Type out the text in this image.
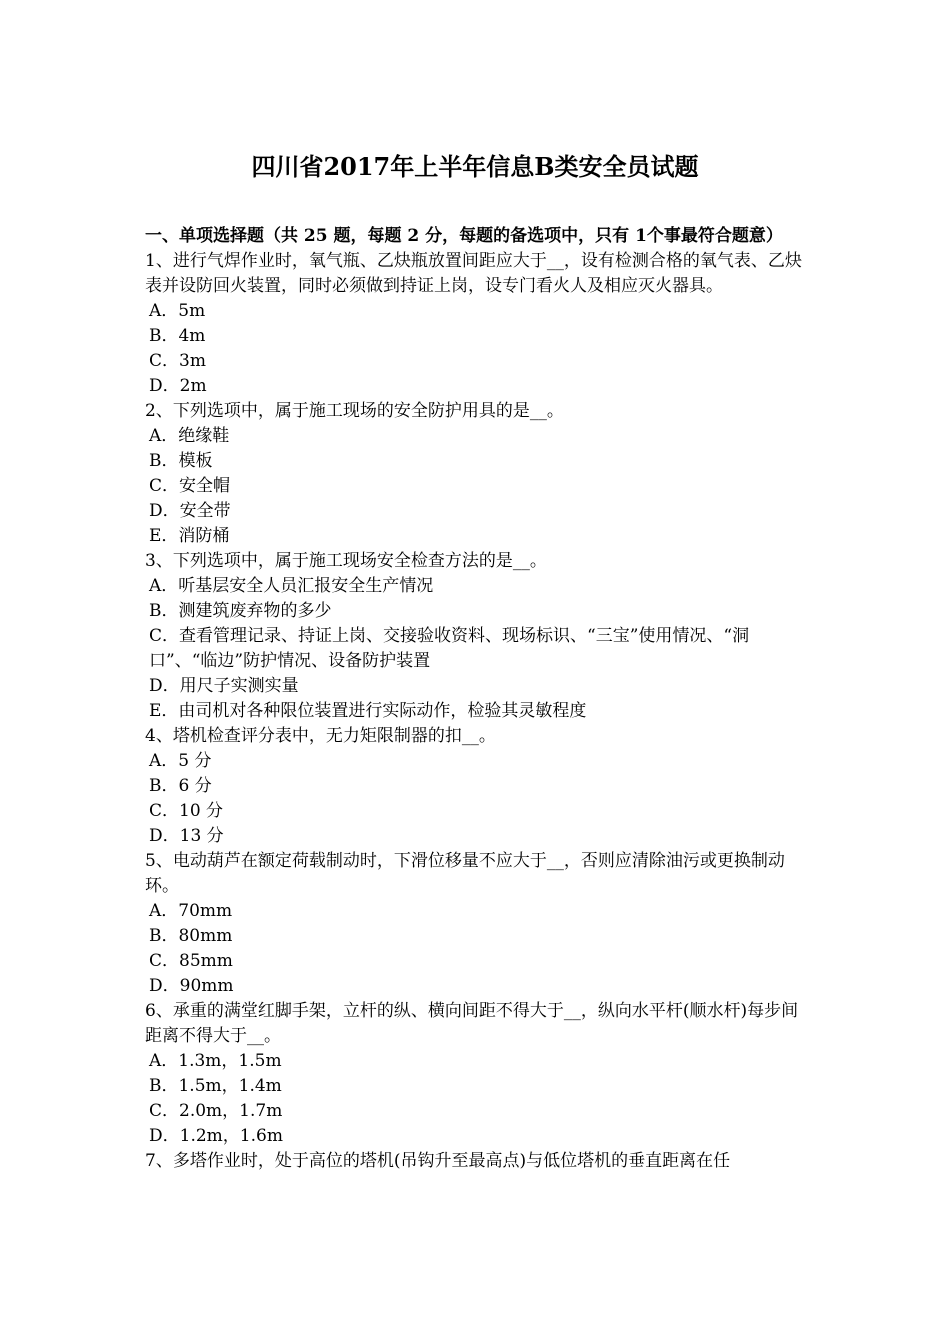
四川省2017年上半年信息B类安全员试题

一、单项选择题（共 25 题，每题 2 分，每题的备选项中，只有 1个事最符合题意）

1、进行气焊作业时，氧气瓶、乙炔瓶放置间距应大于__，设有检测合格的氧气表、乙炔表并设防回火装置，同时必须做到持证上岗，设专门看火人及相应灭火器具。

A．5m

B．4m

C．3m

D．2m

2、下列选项中，属于施工现场的安全防护用具的是__。

A．绝缘鞋

B．模板

C．安全帽

D．安全带

E．消防桶

3、下列选项中，属于施工现场安全检查方法的是__。

A．听基层安全人员汇报安全生产情况

B．测建筑废弃物的多少

C．查看管理记录、持证上岗、交接验收资料、现场标识、“三宝”使用情况、“洞口”、“临边”防护情况、设备防护装置

D．用尺子实测实量

E．由司机对各种限位装置进行实际动作，检验其灵敏程度

4、塔机检查评分表中，无力矩限制器的扣__。

A．5 分

B．6 分

C．10 分

D．13 分

5、电动葫芦在额定荷载制动时，下滑位移量不应大于__，否则应清除油污或更换制动环。

A．70mm

B．80mm

C．85mm

D．90mm

6、承重的满堂红脚手架，立杆的纵、横向间距不得大于__，纵向水平杆(顺水杆)每步间距离不得大于__。

A．1.3m，1.5m

B．1.5m，1.4m

C．2.0m，1.7m

D．1.2m，1.6m

7、多塔作业时，处于高位的塔机(吊钩升至最高点)与低位塔机的垂直距离在任
